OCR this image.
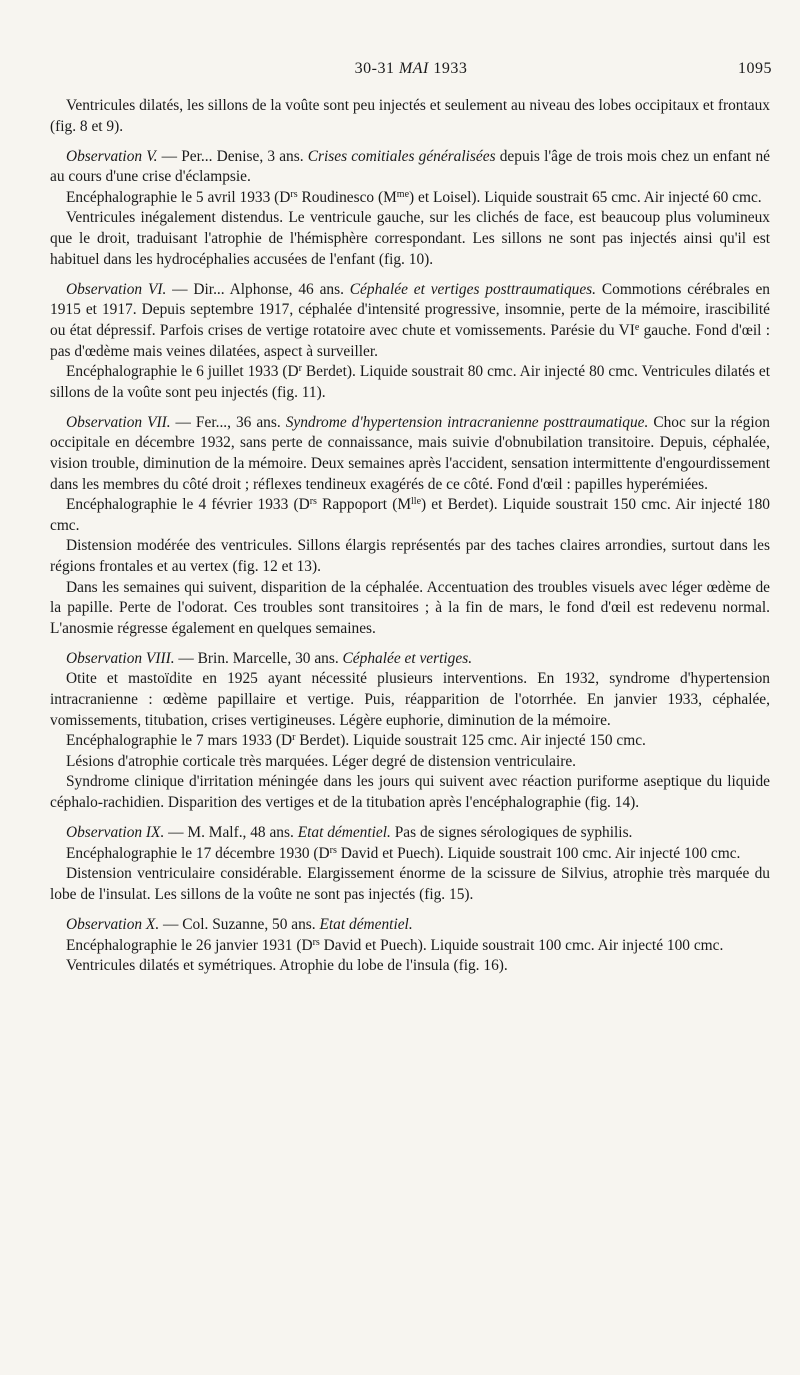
30-31 MAI 1933	1095

Ventricules dilatés, les sillons de la voûte sont peu injectés et seulement au niveau des lobes occipitaux et frontaux (fig. 8 et 9).

Observation V. — Per... Denise, 3 ans. Crises comitiales généralisées depuis l'âge de trois mois chez un enfant né au cours d'une crise d'éclampsie.

Encéphalographie le 5 avril 1933 ($D^{rs}$ Roudinesco $(M^{me})$ et Loisel). Liquide soustrait 65 cmc. Air injecté 60 cmc.

Ventricules inégalement distendus. Le ventricule gauche, sur les clichés de face, est beaucoup plus volumineux que le droit, traduisant l'atrophie de l'hémisphère correspondant. Les sillons ne sont pas injectés ainsi qu'il est habituel dans les hydrocéphalies accusées de l'enfant (fig. 10).

Observation VI. — Dir... Alphonse, 46 ans. Céphalée et vertiges posttraumatiques. Commotions cérébrales en 1915 et 1917. Depuis septembre 1917, céphalée d'intensité progressive, insomnie, perte de la mémoire, irascibilité ou état dépressif. Parfois crises de vertige rotatoire avec chute et vomissements. Parésie du VIe gauche. Fond d'œil : pas d'œdème mais veines dilatées, aspect à surveiller.

Encéphalographie le 6 juillet 1933 ($D^r$ Berdet). Liquide soustrait 80 cmc. Air injecté 80 cmc. Ventricules dilatés et sillons de la voûte sont peu injectés (fig. 11).

Observation VII. — Fer..., 36 ans. Syndrome d'hypertension intracranienne posttraumatique. Choc sur la région occipitale en décembre 1932, sans perte de connaissance, mais suivie d'obnubilation transitoire. Depuis, céphalée, vision trouble, diminution de la mémoire. Deux semaines après l'accident, sensation intermittente d'engourdissement dans les membres du côté droit ; réflexes tendineux exagérés de ce côté. Fond d'œil : papilles hyperémiées.

Encéphalographie le 4 février 1933 ($D^{rs}$ Rappoport $(M^{lle})$ et Berdet). Liquide soustrait 150 cmc. Air injecté 180 cmc.

Distension modérée des ventricules. Sillons élargis représentés par des taches claires arrondies, surtout dans les régions frontales et au vertex (fig. 12 et 13).

Dans les semaines qui suivent, disparition de la céphalée. Accentuation des troubles visuels avec léger œdème de la papille. Perte de l'odorat. Ces troubles sont transitoires ; à la fin de mars, le fond d'œil est redevenu normal. L'anosmie régresse également en quelques semaines.

Observation VIII. — Brin. Marcelle, 30 ans. Céphalée et vertiges.

Otite et mastoïdite en 1925 ayant nécessité plusieurs interventions. En 1932, syndrome d'hypertension intracranienne : œdème papillaire et vertige. Puis, réapparition de l'otorrhée. En janvier 1933, céphalée, vomissements, titubation, crises vertigineuses. Légère euphorie, diminution de la mémoire.

Encéphalographie le 7 mars 1933 ($D^r$ Berdet). Liquide soustrait 125 cmc. Air injecté 150 cmc.

Lésions d'atrophie corticale très marquées. Léger degré de distension ventriculaire.

Syndrome clinique d'irritation méningée dans les jours qui suivent avec réaction puriforme aseptique du liquide céphalo-rachidien. Disparition des vertiges et de la titubation après l'encéphalographie (fig. 14).

Observation IX. — M. Malf., 48 ans. Etat démentiel. Pas de signes sérologiques de syphilis.

Encéphalographie le 17 décembre 1930 ($D^{rs}$ David et Puech). Liquide soustrait 100 cmc. Air injecté 100 cmc.

Distension ventriculaire considérable. Elargissement énorme de la scissure de Silvius, atrophie très marquée du lobe de l'insulat. Les sillons de la voûte ne sont pas injectés (fig. 15).

Observation X. — Col. Suzanne, 50 ans. Etat démentiel.

Encéphalographie le 26 janvier 1931 ($D^{rs}$ David et Puech). Liquide soustrait 100 cmc. Air injecté 100 cmc.

Ventricules dilatés et symétriques. Atrophie du lobe de l'insula (fig. 16).
